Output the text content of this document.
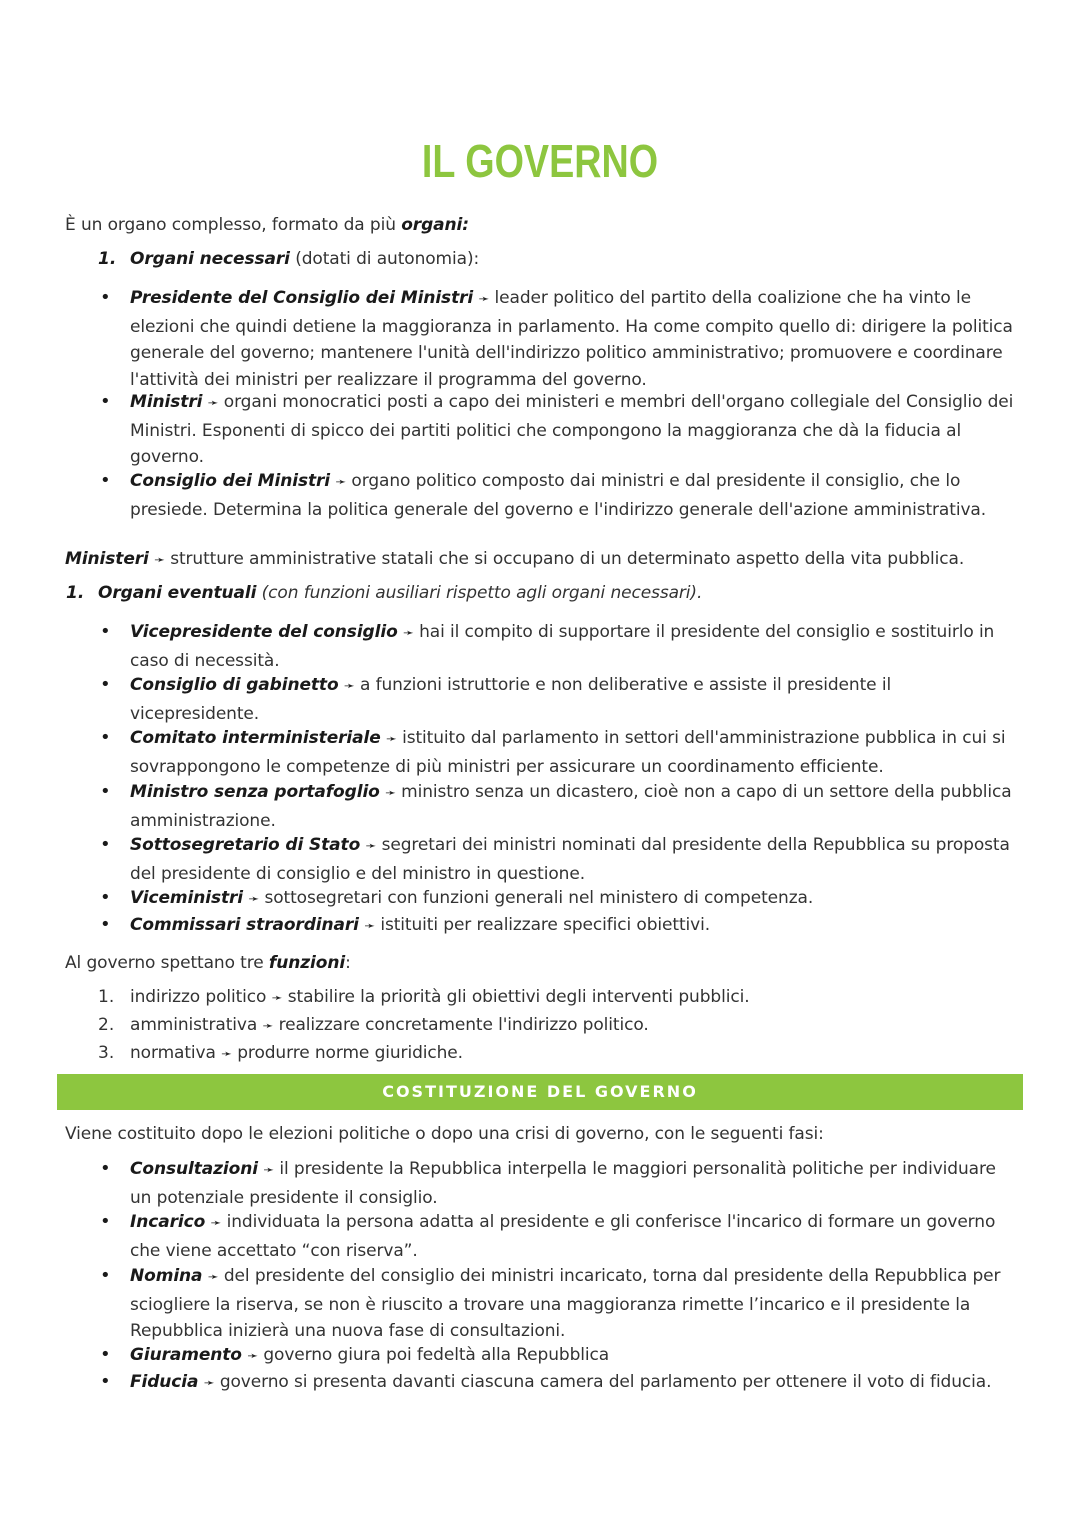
IL GOVERNO
È un organo complesso, formato da più organi:
1. Organi necessari (dotati di autonomia):
• Presidente del Consiglio dei Ministri ➛ leader politico del partito della coalizione che ha vinto le elezioni che quindi detiene la maggioranza in parlamento. Ha come compito quello di: dirigere la politica generale del governo; mantenere l'unità dell'indirizzo politico amministrativo; promuovere e coordinare l'attività dei ministri per realizzare il programma del governo.
• Ministri ➛ organi monocratici posti a capo dei ministeri e membri dell'organo collegiale del Consiglio dei Ministri. Esponenti di spicco dei partiti politici che compongono la maggioranza che dà la fiducia al governo.
• Consiglio dei Ministri ➛ organo politico composto dai ministri e dal presidente il consiglio, che lo presiede. Determina la politica generale del governo e l'indirizzo generale dell'azione amministrativa.
Ministeri ➛ strutture amministrative statali che si occupano di un determinato aspetto della vita pubblica.
1. Organi eventuali (con funzioni ausiliari rispetto agli organi necessari).
• Vicepresidente del consiglio ➛ hai il compito di supportare il presidente del consiglio e sostituirlo in caso di necessità.
• Consiglio di gabinetto ➛ a funzioni istruttorie e non deliberative e assiste il presidente il vicepresidente.
• Comitato interministeriale ➛ istituito dal parlamento in settori dell'amministrazione pubblica in cui si sovrappongono le competenze di più ministri per assicurare un coordinamento efficiente.
• Ministro senza portafoglio ➛ ministro senza un dicastero, cioè non a capo di un settore della pubblica amministrazione.
• Sottosegretario di Stato ➛ segretari dei ministri nominati dal presidente della Repubblica su proposta del presidente di consiglio e del ministro in questione.
• Viceministri ➛ sottosegretari con funzioni generali nel ministero di competenza.
• Commissari straordinari ➛ istituiti per realizzare specifici obiettivi.
Al governo spettano tre funzioni:
1. indirizzo politico ➛ stabilire la priorità gli obiettivi degli interventi pubblici.
2. amministrativa ➛ realizzare concretamente l'indirizzo politico.
3. normativa ➛ produrre norme giuridiche.
COSTITUZIONE DEL GOVERNO
Viene costituito dopo le elezioni politiche o dopo una crisi di governo, con le seguenti fasi:
• Consultazioni ➛ il presidente la Repubblica interpella le maggiori personalità politiche per individuare un potenziale presidente il consiglio.
• Incarico ➛ individuata la persona adatta al presidente e gli conferisce l'incarico di formare un governo che viene accettato “con riserva”.
• Nomina ➛ del presidente del consiglio dei ministri incaricato, torna dal presidente della Repubblica per sciogliere la riserva, se non è riuscito a trovare una maggioranza rimette l’incarico e il presidente la Repubblica inizierà una nuova fase di consultazioni.
• Giuramento ➛ governo giura poi fedeltà alla Repubblica
• Fiducia ➛ governo si presenta davanti ciascuna camera del parlamento per ottenere il voto di fiducia.
